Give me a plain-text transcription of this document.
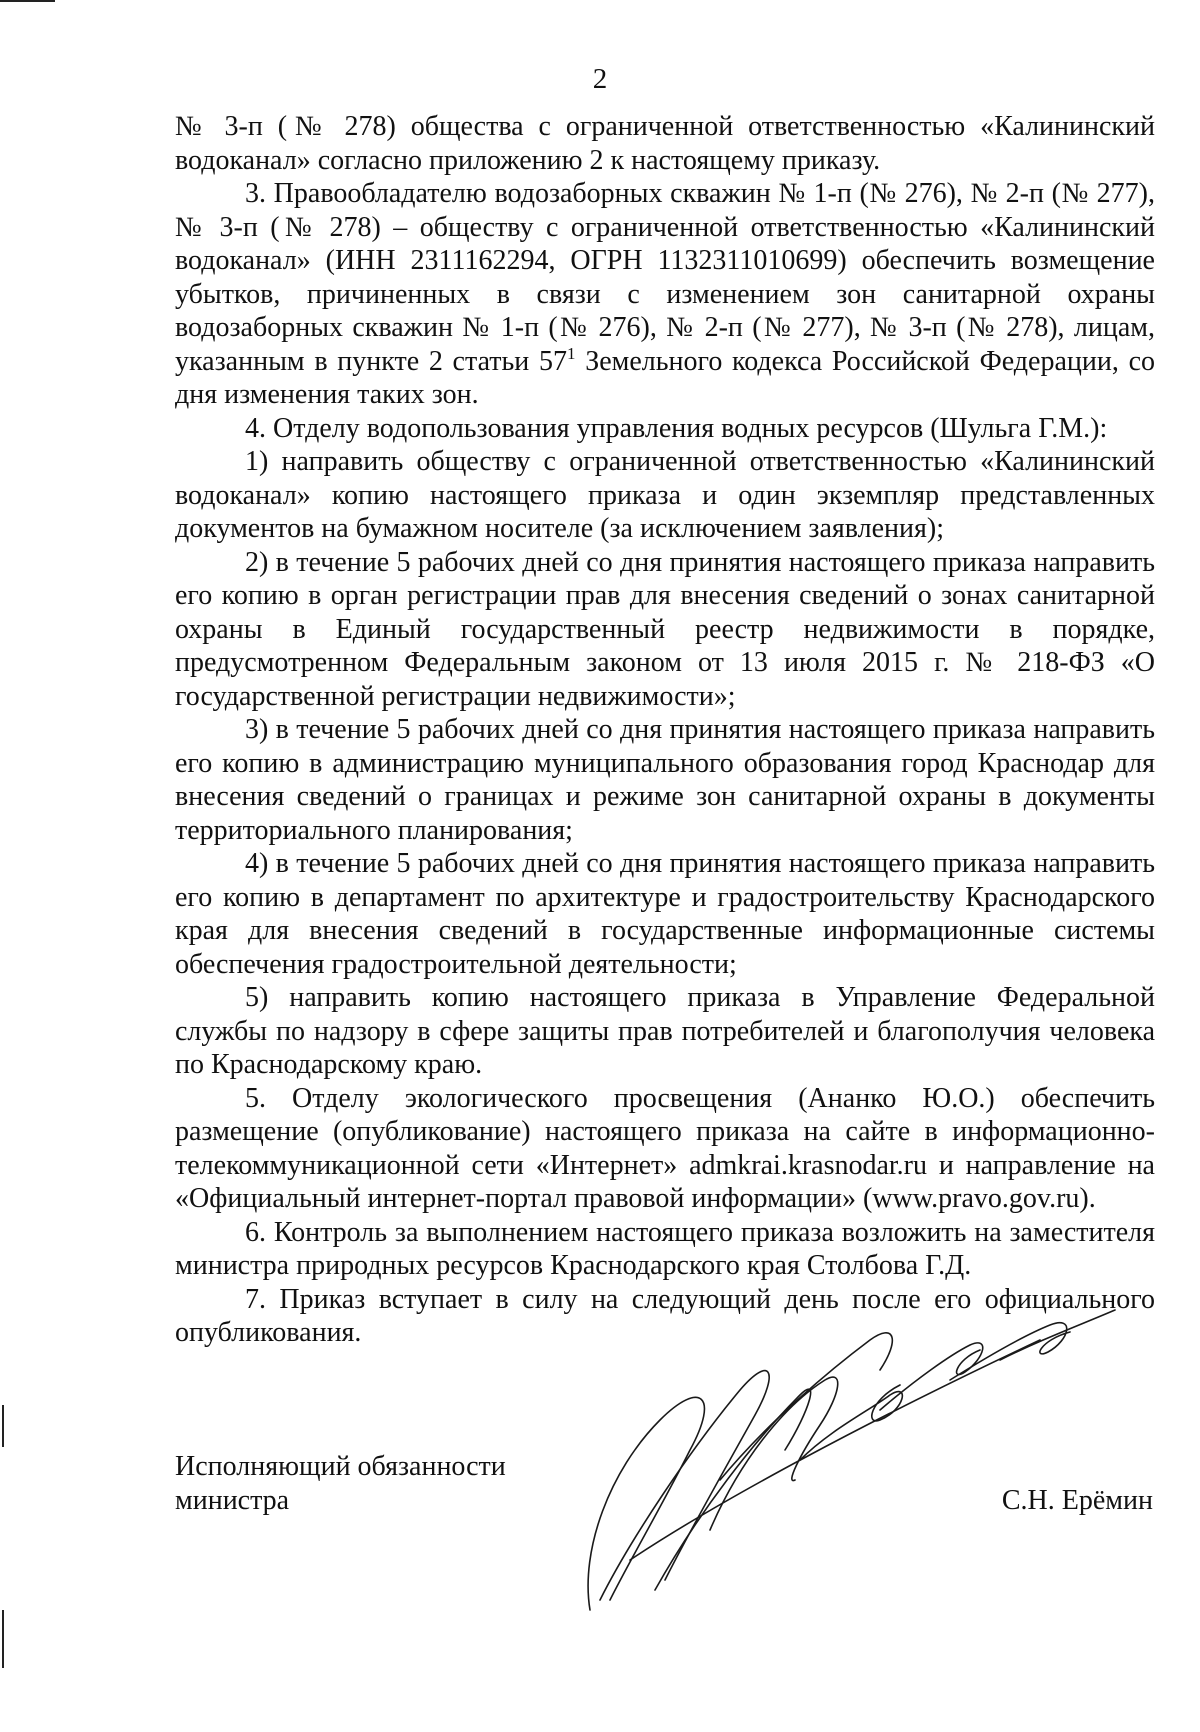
2

№ 3-п (№ 278) общества с ограниченной ответственностью «Калининский водоканал» согласно приложению 2 к настоящему приказу.

3. Правообладателю водозаборных скважин № 1-п (№ 276), № 2-п (№ 277), № 3-п (№ 278) – обществу с ограниченной ответственностью «Калининский водоканал» (ИНН 2311162294, ОГРН 1132311010699) обеспечить возмещение убытков, причиненных в связи с изменением зон санитарной охраны водозаборных скважин № 1-п (№ 276), № 2-п (№ 277), № 3-п (№ 278), лицам, указанным в пункте 2 статьи $57^1$ Земельного кодекса Российской Федерации, со дня изменения таких зон.

4. Отделу водопользования управления водных ресурсов (Шульга Г.М.):

1) направить обществу с ограниченной ответственностью «Калининский водоканал» копию настоящего приказа и один экземпляр представленных документов на бумажном носителе (за исключением заявления);

2) в течение 5 рабочих дней со дня принятия настоящего приказа направить его копию в орган регистрации прав для внесения сведений о зонах санитарной охраны в Единый государственный реестр недвижимости в порядке, предусмотренном Федеральным законом от 13 июля 2015 г. № 218-ФЗ «О государственной регистрации недвижимости»;

3) в течение 5 рабочих дней со дня принятия настоящего приказа направить его копию в администрацию муниципального образования город Краснодар для внесения сведений о границах и режиме зон санитарной охраны в документы территориального планирования;

4) в течение 5 рабочих дней со дня принятия настоящего приказа направить его копию в департамент по архитектуре и градостроительству Краснодарского края для внесения сведений в государственные информационные системы обеспечения градостроительной деятельности;

5) направить копию настоящего приказа в Управление Федеральной службы по надзору в сфере защиты прав потребителей и благополучия человека по Краснодарскому краю.

5. Отделу экологического просвещения (Ананко Ю.О.) обеспечить размещение (опубликование) настоящего приказа на сайте в информационно-телекоммуникационной сети «Интернет» admkrai.krasnodar.ru и направление на «Официальный интернет-портал правовой информации» (www.pravo.gov.ru).

6. Контроль за выполнением настоящего приказа возложить на заместителя министра природных ресурсов Краснодарского края Столбова Г.Д.

7. Приказ вступает в силу на следующий день после его официального опубликования.

Исполняющий обязанности
министра	С.Н. Ерёмин
